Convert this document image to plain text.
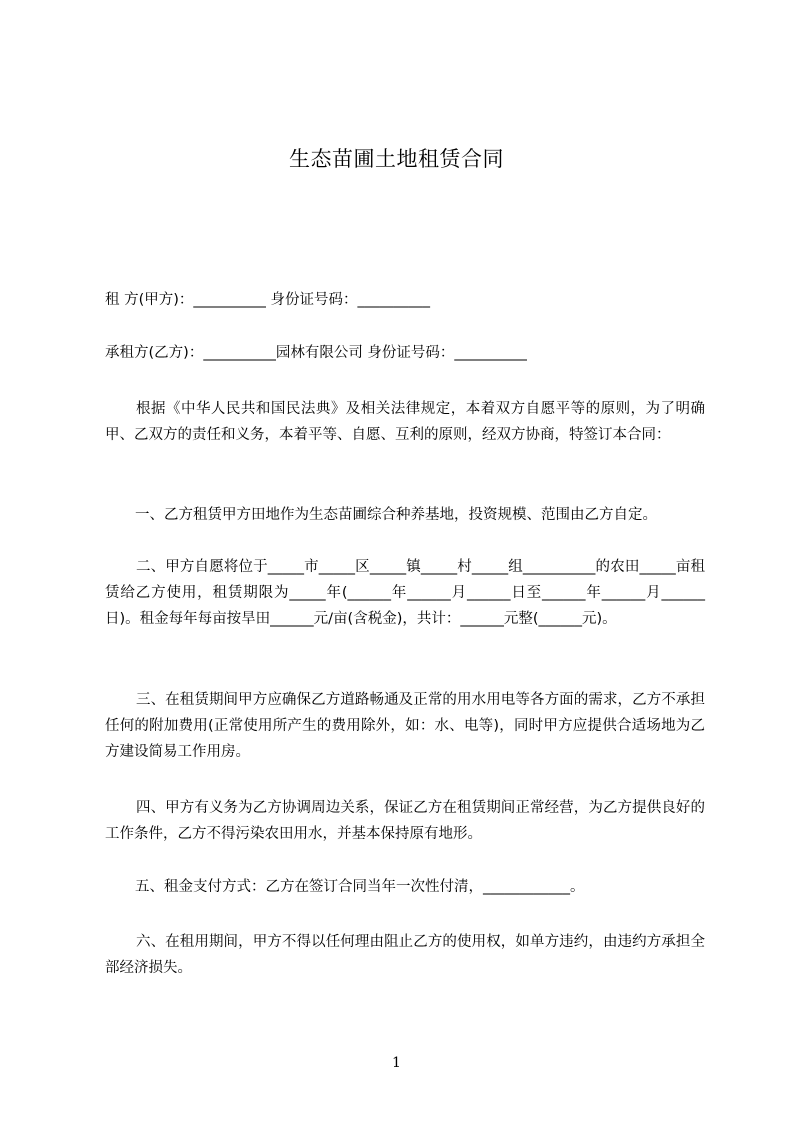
生态苗圃土地租赁合同
租 方(甲方)：__________ 身份证号码：__________
承租方(乙方)：__________园林有限公司 身份证号码：__________

根据《中华人民共和国民法典》及相关法律规定，本着双方自愿平等的原则，为了明确甲、乙双方的责任和义务，本着平等、自愿、互利的原则，经双方协商，特签订本合同：

一、乙方租赁甲方田地作为生态苗圃综合种养基地，投资规模、范围由乙方自定。

二、甲方自愿将位于_____市_____区_____镇_____村_____组__________的农田_____亩租赁给乙方使用，租赁期限为_____年(______年______月______日至______年______月______日)。租金每年每亩按旱田______元/亩(含税金)，共计：______元整(______元)。

三、在租赁期间甲方应确保乙方道路畅通及正常的用水用电等各方面的需求，乙方不承担任何的附加费用(正常使用所产生的费用除外，如：水、电等)，同时甲方应提供合适场地为乙方建设简易工作用房。

四、甲方有义务为乙方协调周边关系，保证乙方在租赁期间正常经营，为乙方提供良好的工作条件，乙方不得污染农田用水，并基本保持原有地形。

五、租金支付方式：乙方在签订合同当年一次性付清，____________。

六、在租用期间，甲方不得以任何理由阻止乙方的使用权，如单方违约，由违约方承担全部经济损失。

1
